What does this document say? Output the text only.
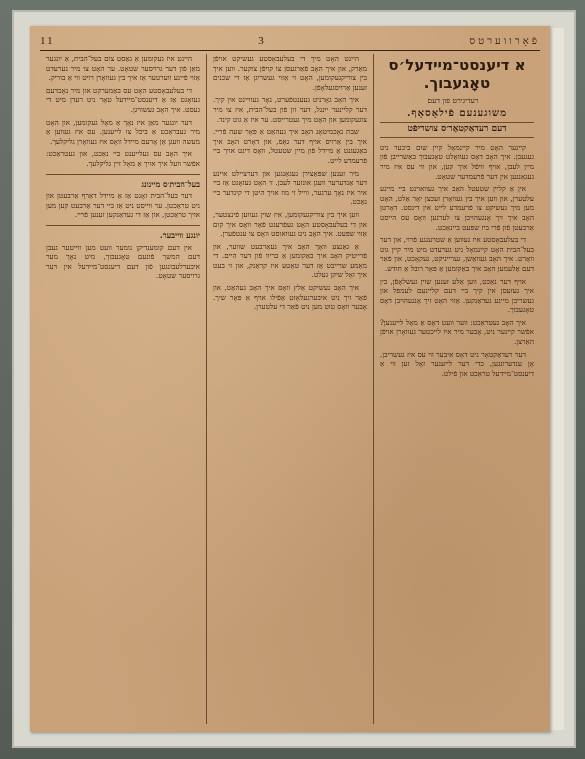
11	3	פֿאָרווערטס
א דיענסט־מיידעל׳ס טאָגעבוך.

רעדיגירט פון דעם

משוגענעם פֿילאָסאָף.
דעם רעדאַקטאָר׳ס צושריפֿט

קיינער האָט מיר קיינמאָל קיין שום ביכער ניט געגעבן. איך האָב דאָס געוואָלט טאָגעבוך באַשרייבן פֿון מיין לעבן, אויף וויפֿל איך קען, און ווי עס איז מיר געגאַנגען אין דער פֿרעמדער שטאָט.

אין אַ קליין שטעטל האָב איך געוואוינט ביי מיינע עלטערן, און ווען איך בין געוואָרן זעכצן יאָר אַלט, האָט מען מיך געשיקט צו פֿרעמדע לייט אין דינסט. דאָרטן האָב איך זיך אָנגעהויבן צו לערנען וואָס עס הייסט אַרבעטן פֿון פֿרי ביז שפּעט ביינאַכט.

די בעלעבאָסטע איז געווען אַ שטרענגע פֿרוי, און דער בעל־הבית האָט קיינמאָל ניט גערעדט מיט מיר קיין גוט וואָרט. איך האָב געוואַשן, גערייניקט, געקאָכט, און פֿאַר דעם אַלעמען האָב איך באַקומען אַ פּאָר רובל אַ חודש.

אויף דער נאַכט, ווען אַלע זענען שוין געשלאָפֿן, בין איך געזעסן אין קיך ביי דעם קליינעם לעמפּל און געשריבן מיינע געדאַנקען. אַזוי האָט זיך אָנגעהויבן דאָס טאָגעבוך.

איך האָב געטראַכט: ווער וועט דאָס אַ מאָל לייענען? אפֿשר קיינער ניט, אָבער מיר איז לייכטער געוואָרן אויפֿן האַרצן.

דער רעדאַקטאָר גיט דאָס איבער ווי עס איז געשריבן, אָן ענדערונגען, כדי דער לייענער זאָל זען ווי אַ דיענסט־מיידעל טראַכט און פֿילט.

היינט האָט מיך די בעלעבאָסטע געשיקט אויפֿן מאַרק, און איך האָב פֿאַרגעסן צו קויפֿן צוקער. ווען איך בין צוריקגעקומען, האָט זי אַזוי געשריגן אַז די שכנים זענען אַרויסגעלאָפֿן.

איך האָב גאָרניט געענטפֿערט, נאָר געוויינט אין קיך. דער קליינער ייִנגל, דער זון פֿון בעל־הבית, איז צו מיר צוגעקומען און האָט מיך געטרייסט. ער איז אַ גוט קינד.

שבת נאָכמיטאָג האָב איך געהאַט אַ פּאָר שעה פֿריי. איך בין אַרויס אויף דער גאַס, און דאָרט האָב איך באַגעגנט אַ מיידל פֿון מיין שטעטל, וואָס דינט אויך ביי פֿרעמדע לייט.

מיר זענען שפּאַצירן געגאַנגען און דערציילט איינע דער אַנדערער וועגן אונזער לעבן. זי האָט געזאָגט אַז ביי איר איז נאָך ערגער, ווייל זי מוז אויך היטן די קינדער ביי נאַכט.

ווען איך בין צוריקגעקומען, איז שוין געווען פֿינצטער, און די בעלעבאָסטע האָט געפֿרעגט פֿאַר וואָס איך קום אַזוי שפּעט. איך האָב ניט געוואוסט וואָס צו ענטפֿערן.

אַ גאַנצע וואָך האָב איך געאַרבעט שווער, און פֿרייטיק האָב איך באַקומען אַ בריוו פֿון דער היים. די מאַמע שרייבט אַז דער טאַטע איז קראַנק, און זי בעט איך זאָל שיקן געלט.

איך האָב געשיקט אַלץ וואָס איך האָב געהאַט, און פֿאַר זיך ניט איבערגעלאָזט אַפֿילו אויף אַ פּאָר שיך. אָבער וואָס טוט מען ניט פֿאַר די עלטערן.

היינט איז געקומען אַ גאַסט צום בעל־הבית, אַ יונגער מאַן פֿון דער גרויסער שטאָט. ער האָט צו מיר גערעדט אַזוי פֿיינע ווערטער אַז איך בין געוואָרן רויט ווי אַ בוריק.

די בעלעבאָסטע האָט עס באַמערקט און מיר נאָכדעם געזאָגט אַז אַ דיענסט־מיידעל טאָר ניט רעדן מיט די געסט. איך האָב געשוויגן.

דער יונגער מאַן איז נאָך אַ מאָל געקומען, און האָט מיר געבראַכט אַ ביכל צו לייענען. עס איז געווען אַ מעשה וועגן אַן אָרעם מיידל וואָס איז געוואָרן גליקלעך.

איך האָב עס געלייענט ביי נאַכט, און געטראַכט: אפֿשר וועל איך אויך אַ מאָל זיין גליקלעך.

בעל־הבית׳ס מיינונג

דער בעל־הבית זאָגט אַז אַ מיידל דאַרף אַרבעטן און ניט טראַכטן. ער ווייסט ניט אַז ביי דער אַרבעט קען מען אויך טראַכטן, און אַז די געדאַנקען זענען פֿריי.

יונגע ווייבער.

אין דעם קומענדיקן נומער וועט מען ווייטער געבן דעם המשך פֿונעם טאָגעבוך, מיט נאָך מער איבערלעבונגען פֿון דעם דיענסט־מיידעל אין דער גרויסער שטאָט.
